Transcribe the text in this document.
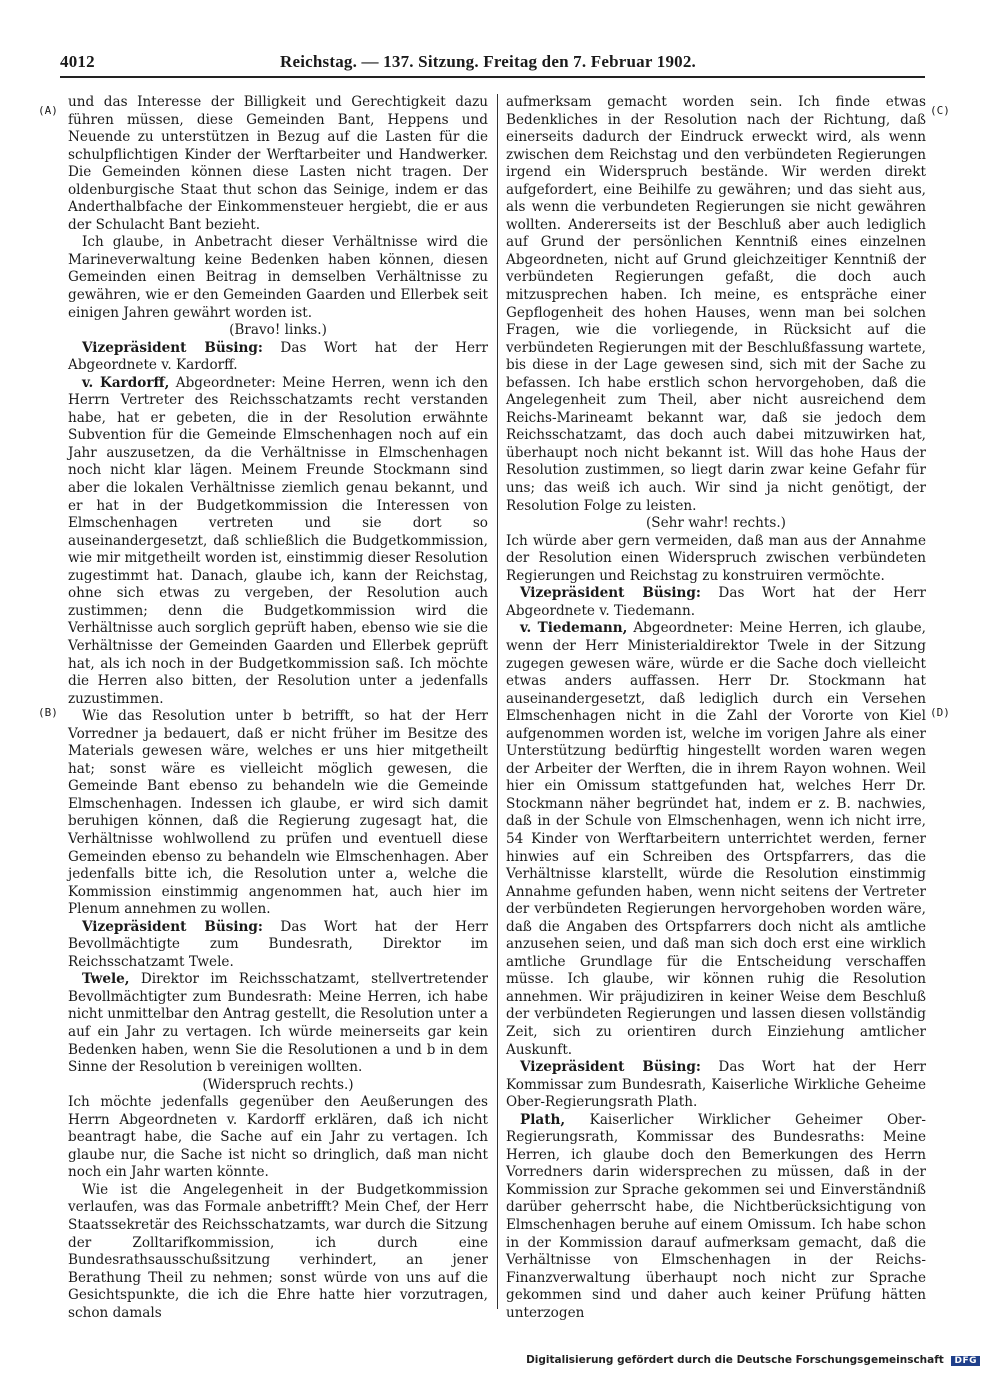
4012	Reichstag. — 137. Sitzung. Freitag den 7. Februar 1902.
(A)
(B)
(C)
(D)

und das Interesse der Billigkeit und Gerechtigkeit dazu führen müssen, diese Gemeinden Bant, Heppens und Neuende zu unterstützen in Bezug auf die Lasten für die schulpflichtigen Kinder der Werftarbeiter und Handwerker. Die Gemeinden können diese Lasten nicht tragen. Der oldenburgische Staat thut schon das Seinige, indem er das Anderthalbfache der Einkommensteuer hergiebt, die er aus der Schulacht Bant bezieht.

Ich glaube, in Anbetracht dieser Verhältnisse wird die Marineverwaltung keine Bedenken haben können, diesen Gemeinden einen Beitrag in demselben Verhältnisse zu gewähren, wie er den Gemeinden Gaarden und Ellerbek seit einigen Jahren gewährt worden ist.

(Bravo! links.)

Vizepräsident Büsing: Das Wort hat der Herr Abgeordnete v. Kardorff.

v. Kardorff, Abgeordneter: Meine Herren, wenn ich den Herrn Vertreter des Reichsschatzamts recht verstanden habe, hat er gebeten, die in der Resolution erwähnte Subvention für die Gemeinde Elmschenhagen noch auf ein Jahr auszusetzen, da die Verhältnisse in Elmschenhagen noch nicht klar lägen. Meinem Freunde Stockmann sind aber die lokalen Verhältnisse ziemlich genau bekannt, und er hat in der Budgetkommission die Interessen von Elmschenhagen vertreten und sie dort so auseinandergesetzt, daß schließlich die Budgetkommission, wie mir mitgetheilt worden ist, einstimmig dieser Resolution zugestimmt hat. Danach, glaube ich, kann der Reichstag, ohne sich etwas zu vergeben, der Resolution auch zustimmen; denn die Budgetkommission wird die Verhältnisse auch sorglich geprüft haben, ebenso wie sie die Verhältnisse der Gemeinden Gaarden und Ellerbek geprüft hat, als ich noch in der Budgetkommission saß. Ich möchte die Herren also bitten, der Resolution unter a jedenfalls zuzustimmen.

Wie das Resolution unter b betrifft, so hat der Herr Vorredner ja bedauert, daß er nicht früher im Besitze des Materials gewesen wäre, welches er uns hier mitgetheilt hat; sonst wäre es vielleicht möglich gewesen, die Gemeinde Bant ebenso zu behandeln wie die Gemeinde Elmschenhagen. Indessen ich glaube, er wird sich damit beruhigen können, daß die Regierung zugesagt hat, die Verhältnisse wohlwollend zu prüfen und eventuell diese Gemeinden ebenso zu behandeln wie Elmschenhagen. Aber jedenfalls bitte ich, die Resolution unter a, welche die Kommission einstimmig angenommen hat, auch hier im Plenum annehmen zu wollen.

Vizepräsident Büsing: Das Wort hat der Herr Bevollmächtigte zum Bundesrath, Direktor im Reichsschatzamt Twele.

Twele, Direktor im Reichsschatzamt, stellvertretender Bevollmächtigter zum Bundesrath: Meine Herren, ich habe nicht unmittelbar den Antrag gestellt, die Resolution unter a auf ein Jahr zu vertagen. Ich würde meinerseits gar kein Bedenken haben, wenn Sie die Resolutionen a und b in dem Sinne der Resolution b vereinigen wollten.

(Widerspruch rechts.)

Ich möchte jedenfalls gegenüber den Aeußerungen des Herrn Abgeordneten v. Kardorff erklären, daß ich nicht beantragt habe, die Sache auf ein Jahr zu vertagen. Ich glaube nur, die Sache ist nicht so dringlich, daß man nicht noch ein Jahr warten könnte.

Wie ist die Angelegenheit in der Budgetkommission verlaufen, was das Formale anbetrifft? Mein Chef, der Herr Staatssekretär des Reichsschatzamts, war durch die Sitzung der Zolltarifkommission, ich durch eine Bundesrathsausschußsitzung verhindert, an jener Berathung Theil zu nehmen; sonst würde von uns auf die Gesichtspunkte, die ich die Ehre hatte hier vorzutragen, schon damals

aufmerksam gemacht worden sein. Ich finde etwas Bedenkliches in der Resolution nach der Richtung, daß einerseits dadurch der Eindruck erweckt wird, als wenn zwischen dem Reichstag und den verbündeten Regierungen irgend ein Widerspruch bestände. Wir werden direkt aufgefordert, eine Beihilfe zu gewähren; und das sieht aus, als wenn die verbundeten Regierungen sie nicht gewähren wollten. Andererseits ist der Beschluß aber auch lediglich auf Grund der persönlichen Kenntniß eines einzelnen Abgeordneten, nicht auf Grund gleichzeitiger Kenntniß der verbündeten Regierungen gefaßt, die doch auch mitzusprechen haben. Ich meine, es entspräche einer Gepflogenheit des hohen Hauses, wenn man bei solchen Fragen, wie die vorliegende, in Rücksicht auf die verbündeten Regierungen mit der Beschlußfassung wartete, bis diese in der Lage gewesen sind, sich mit der Sache zu befassen. Ich habe erstlich schon hervorgehoben, daß die Angelegenheit zum Theil, aber nicht ausreichend dem Reichs-Marineamt bekannt war, daß sie jedoch dem Reichsschatzamt, das doch auch dabei mitzuwirken hat, überhaupt noch nicht bekannt ist. Will das hohe Haus der Resolution zustimmen, so liegt darin zwar keine Gefahr für uns; das weiß ich auch. Wir sind ja nicht genötigt, der Resolution Folge zu leisten.

(Sehr wahr! rechts.)

Ich würde aber gern vermeiden, daß man aus der Annahme der Resolution einen Widerspruch zwischen verbündeten Regierungen und Reichstag zu konstruiren vermöchte.

Vizepräsident Büsing: Das Wort hat der Herr Abgeordnete v. Tiedemann.

v. Tiedemann, Abgeordneter: Meine Herren, ich glaube, wenn der Herr Ministerialdirektor Twele in der Sitzung zugegen gewesen wäre, würde er die Sache doch vielleicht etwas anders auffassen. Herr Dr. Stockmann hat auseinandergesetzt, daß lediglich durch ein Versehen Elmschenhagen nicht in die Zahl der Vororte von Kiel aufgenommen worden ist, welche im vorigen Jahre als einer Unterstützung bedürftig hingestellt worden waren wegen der Arbeiter der Werften, die in ihrem Rayon wohnen. Weil hier ein Omissum stattgefunden hat, welches Herr Dr. Stockmann näher begründet hat, indem er z. B. nachwies, daß in der Schule von Elmschenhagen, wenn ich nicht irre, 54 Kinder von Werftarbeitern unterrichtet werden, ferner hinwies auf ein Schreiben des Ortspfarrers, das die Verhältnisse klarstellt, würde die Resolution einstimmig Annahme gefunden haben, wenn nicht seitens der Vertreter der verbündeten Regierungen hervorgehoben worden wäre, daß die Angaben des Ortspfarrers doch nicht als amtliche anzusehen seien, und daß man sich doch erst eine wirklich amtliche Grundlage für die Entscheidung verschaffen müsse. Ich glaube, wir können ruhig die Resolution annehmen. Wir präjudiziren in keiner Weise dem Beschluß der verbündeten Regierungen und lassen diesen vollständig Zeit, sich zu orientiren durch Einziehung amtlicher Auskunft.

Vizepräsident Büsing: Das Wort hat der Herr Kommissar zum Bundesrath, Kaiserliche Wirkliche Geheime Ober-Regierungsrath Plath.

Plath, Kaiserlicher Wirklicher Geheimer Ober-Regierungsrath, Kommissar des Bundesraths: Meine Herren, ich glaube doch den Bemerkungen des Herrn Vorredners darin widersprechen zu müssen, daß in der Kommission zur Sprache gekommen sei und Einverständniß darüber geherrscht habe, die Nichtberücksichtigung von Elmschenhagen beruhe auf einem Omissum. Ich habe schon in der Kommission darauf aufmerksam gemacht, daß die Verhältnisse von Elmschenhagen in der Reichs-Finanzverwaltung überhaupt noch nicht zur Sprache gekommen sind und daher auch keiner Prüfung hätten unterzogen

Digitalisierung gefördert durch die Deutsche Forschungsgemeinschaft DFG
